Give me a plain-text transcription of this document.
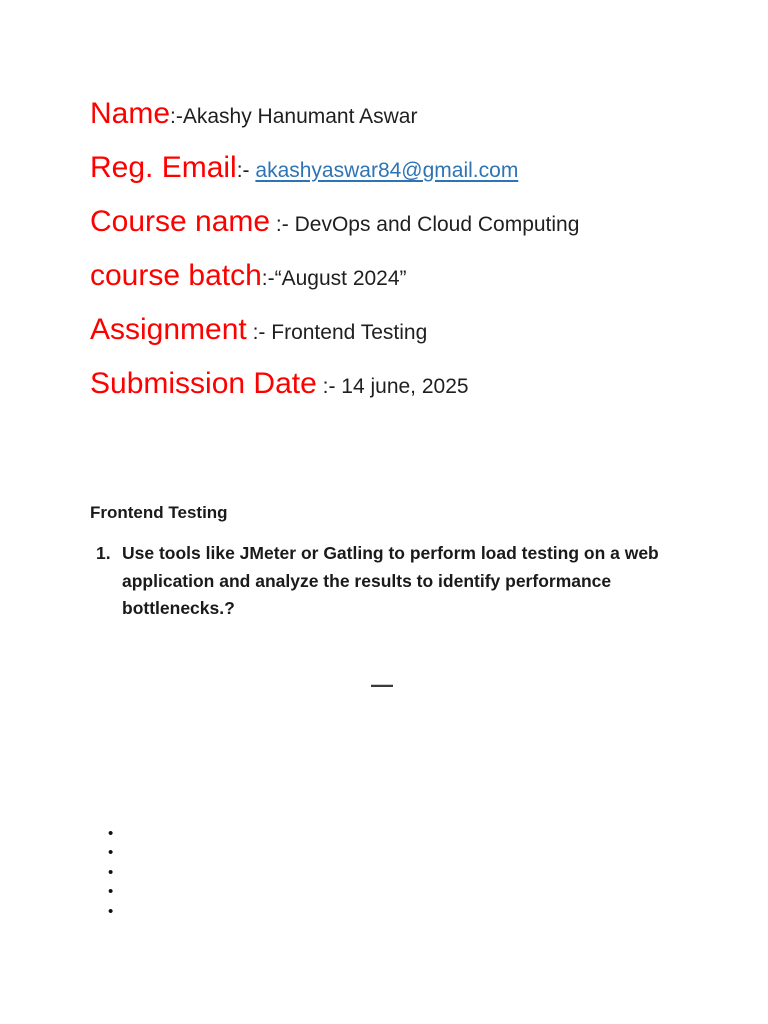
Name:-Akashy Hanumant Aswar
Reg. Email:- akashyaswar84@gmail.com
Course name :- DevOps and Cloud Computing
course batch:-“August 2024”
Assignment :- Frontend Testing
Submission Date :- 14 june, 2025
Frontend Testing
1. Use tools like JMeter or Gatling to perform load testing on a web application and analyze the results to identify performance bottlenecks.?
—
•
•
•
•
•
